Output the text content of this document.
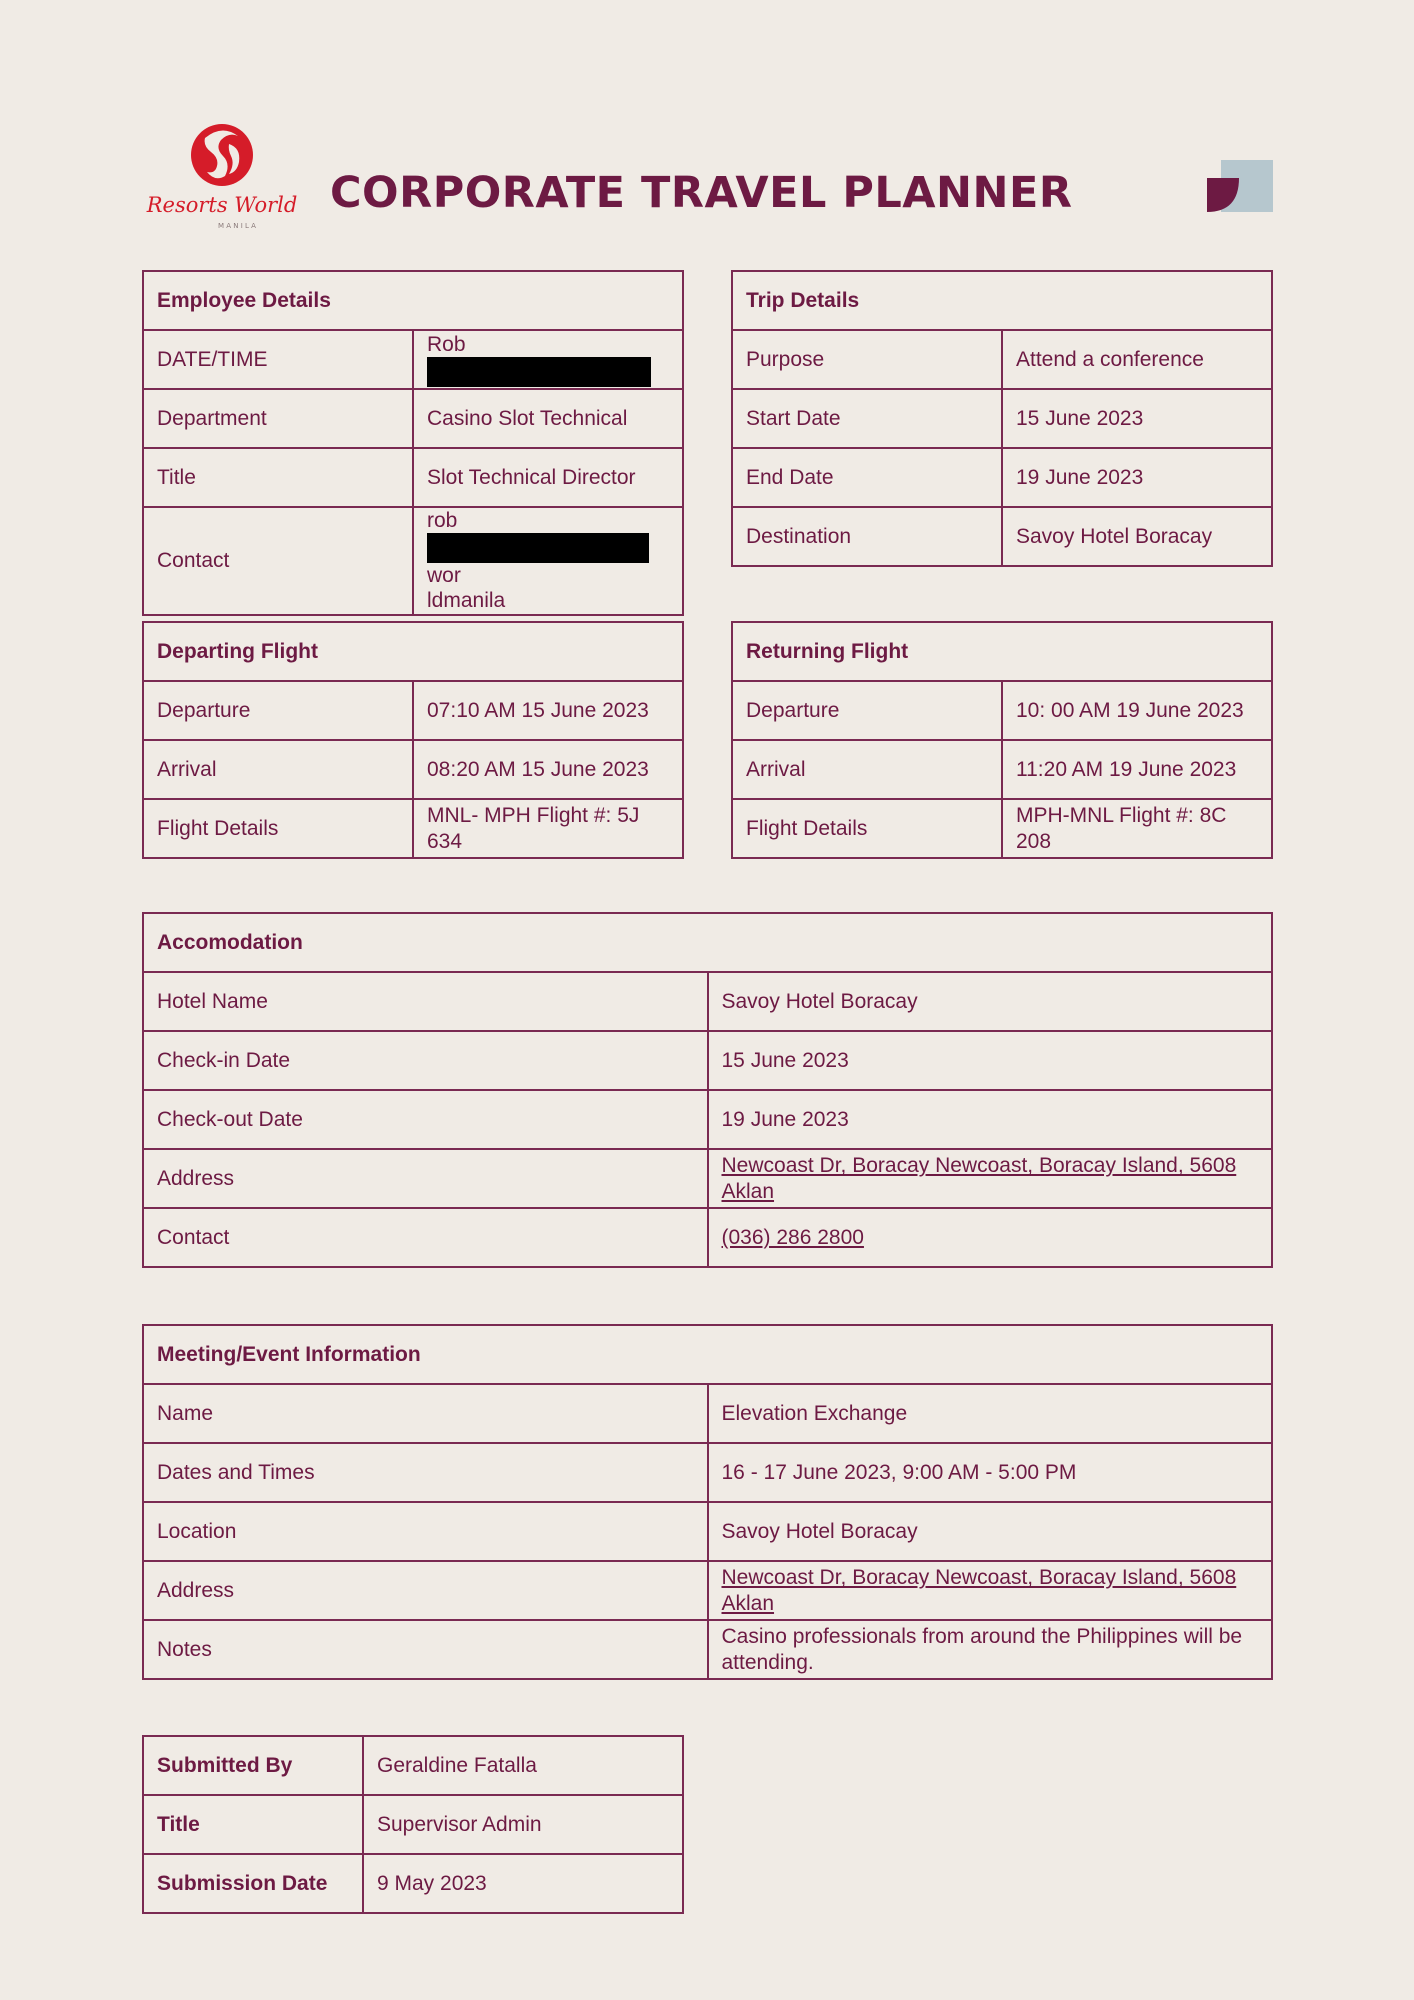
Resorts World
M A N I L A
CORPORATE TRAVEL PLANNER
Employee Details	
DATE/TIME	Rob
Department	Casino Slot Technical
Title	Slot Technical Director
Contact	robwor
ldmanila
Trip Details	
Purpose	Attend a conference
Start Date	15 June 2023
End Date	19 June 2023
Destination	Savoy Hotel Boracay
Departing Flight	
Departure	07:10 AM 15 June 2023
Arrival	08:20 AM 15 June 2023
Flight Details	MNL- MPH Flight #: 5J 634
Returning Flight	
Departure	10: 00 AM 19 June 2023
Arrival	11:20 AM 19 June 2023
Flight Details	MPH-MNL Flight #: 8C 208
Accomodation	
Hotel Name	Savoy Hotel Boracay
Check-in Date	15 June 2023
Check-out Date	19 June 2023
Address	Newcoast Dr, Boracay Newcoast, Boracay Island, 5608 Aklan
Contact	(036) 286 2800
Meeting/Event Information	
Name	Elevation Exchange
Dates and Times	16 - 17 June 2023, 9:00 AM - 5:00 PM
Location	Savoy Hotel Boracay
Address	Newcoast Dr, Boracay Newcoast, Boracay Island, 5608 Aklan
Notes	Casino professionals from around the Philippines will be attending.
Submitted By	Geraldine Fatalla
Title	Supervisor Admin
Submission Date	9 May 2023
